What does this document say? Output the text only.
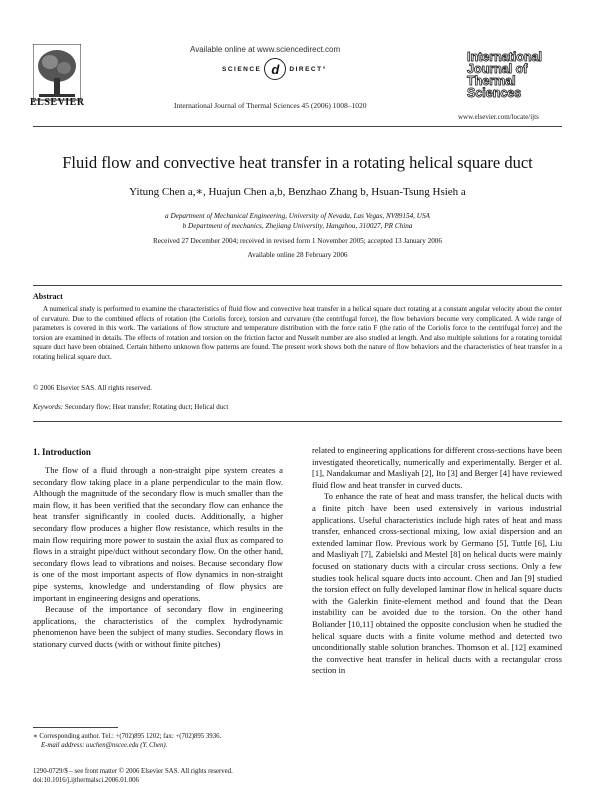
ELSEVIER
Available online at www.sciencedirect.com
SCIENCE d	DIRECT°
International Journal of Thermal Sciences 45 (2006) 1008–1020
International
Journal of
Thermal
Sciences
www.elsevier.com/locate/ijts
Fluid flow and convective heat transfer in a rotating helical square duct
Yitung Chen a,∗, Huajun Chen a,b, Benzhao Zhang b, Hsuan-Tsung Hsieh a
a Department of Mechanical Engineering, University of Nevada, Las Vegas, NV89154, USA
b Department of mechanics, Zhejiang University, Hangzhou, 310027, PR China
Received 27 December 2004; received in revised form 1 November 2005; accepted 13 January 2006
Available online 28 February 2006
Abstract
A numerical study is performed to examine the characteristics of fluid flow and convective heat transfer in a helical square duct rotating at a constant angular velocity about the center of curvature. Due to the combined effects of rotation (the Coriolis force), torsion and curvature (the centrifugal force), the flow behaviors become very complicated. A wide range of parameters is covered in this work. The variations of flow structure and temperature distribution with the force ratio F (the ratio of the Coriolis force to the centrifugal force) and the torsion are examined in details. The effects of rotation and torsion on the friction factor and Nusselt number are also studied at length. And also multiple solutions for a rotating toroidal square duct have been obtained. Certain hitherto unknown flow patterns are found. The present work shows both the nature of flow behaviors and the characteristics of heat transfer in a rotating helical square duct.
© 2006 Elsevier SAS. All rights reserved.
Keywords: Secondary flow; Heat transfer; Rotating duct; Helical duct
1. Introduction

The flow of a fluid through a non-straight pipe system creates a secondary flow taking place in a plane perpendicular to the main flow. Although the magnitude of the secondary flow is much smaller than the main flow, it has been verified that the secondary flow can enhance the heat transfer significantly in cooled ducts. Additionally, a higher secondary flow produces a higher flow resistance, which results in the main flow requiring more power to sustain the axial flux as compared to flows in a straight pipe/duct without secondary flow. On the other hand, secondary flows lead to vibrations and noises. Because secondary flow is one of the most important aspects of flow dynamics in non-straight pipe systems, knowledge and understanding of flow physics are important in engineering designs and operations.

Because of the importance of secondary flow in engineering applications, the characteristics of the complex hydrodynamic phenomenon have been the subject of many studies. Secondary flows in stationary curved ducts (with or without finite pitches)

related to engineering applications for different cross-sections have been investigated theoretically, numerically and experimentally. Berger et al. [1], Nandakumar and Masliyah [2], Ito [3] and Berger [4] have reviewed fluid flow and heat transfer in curved ducts.

To enhance the rate of heat and mass transfer, the helical ducts with a finite pitch have been used extensively in various industrial applications. Useful characteristics include high rates of heat and mass transfer, enhanced cross-sectional mixing, low axial dispersion and an extended laminar flow. Previous work by Germano [5], Tuttle [6], Liu and Masliyah [7], Zabielski and Mestel [8] on helical ducts were mainly focused on stationary ducts with a circular cross sections. Only a few studies took helical square ducts into account. Chen and Jan [9] studied the torsion effect on fully developed laminar flow in helical square ducts with the Galerkin finite-element method and found that the Dean instability can be avoided due to the torsion. On the other hand Boliander [10,11] obtained the opposite conclusion when he studied the helical square ducts with a finite volume method and detected two unconditionally stable solution branches. Thomson et al. [12] examined the convective heat transfer in helical ducts with a rectangular cross section in

∗ Corresponding author. Tel.: +(702)895 1202; fax: +(702)895 3936.
E-mail address: uuchen@nscee.edu (Y. Chen).
1290-0729/$ – see front matter © 2006 Elsevier SAS. All rights reserved.
doi:10.1016/j.ijthermalsci.2006.01.006
